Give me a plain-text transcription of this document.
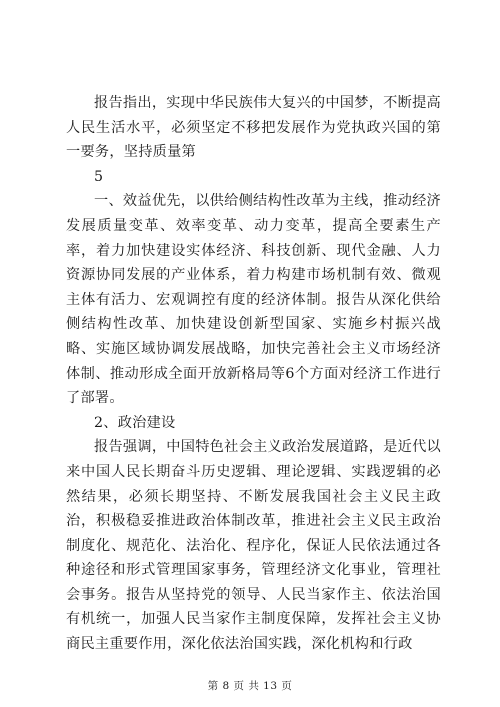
报告指出，实现中华民族伟大复兴的中国梦，不断提高人民生活水平，必须坚定不移把发展作为党执政兴国的第一要务，坚持质量第

5

一、效益优先，以供给侧结构性改革为主线，推动经济发展质量变革、效率变革、动力变革，提高全要素生产率，着力加快建设实体经济、科技创新、现代金融、人力资源协同发展的产业体系，着力构建市场机制有效、微观主体有活力、宏观调控有度的经济体制。报告从深化供给侧结构性改革、加快建设创新型国家、实施乡村振兴战略、实施区域协调发展战略，加快完善社会主义市场经济体制、推动形成全面开放新格局等6个方面对经济工作进行了部署。

2、政治建设

报告强调，中国特色社会主义政治发展道路，是近代以来中国人民长期奋斗历史逻辑、理论逻辑、实践逻辑的必然结果，必须长期坚持、不断发展我国社会主义民主政治，积极稳妥推进政治体制改革，推进社会主义民主政治制度化、规范化、法治化、程序化，保证人民依法通过各种途径和形式管理国家事务，管理经济文化事业，管理社会事务。报告从坚持党的领导、人民当家作主、依法治国有机统一，加强人民当家作主制度保障，发挥社会主义协商民主重要作用，深化依法治国实践，深化机构和行政

第 8 页 共 13 页
